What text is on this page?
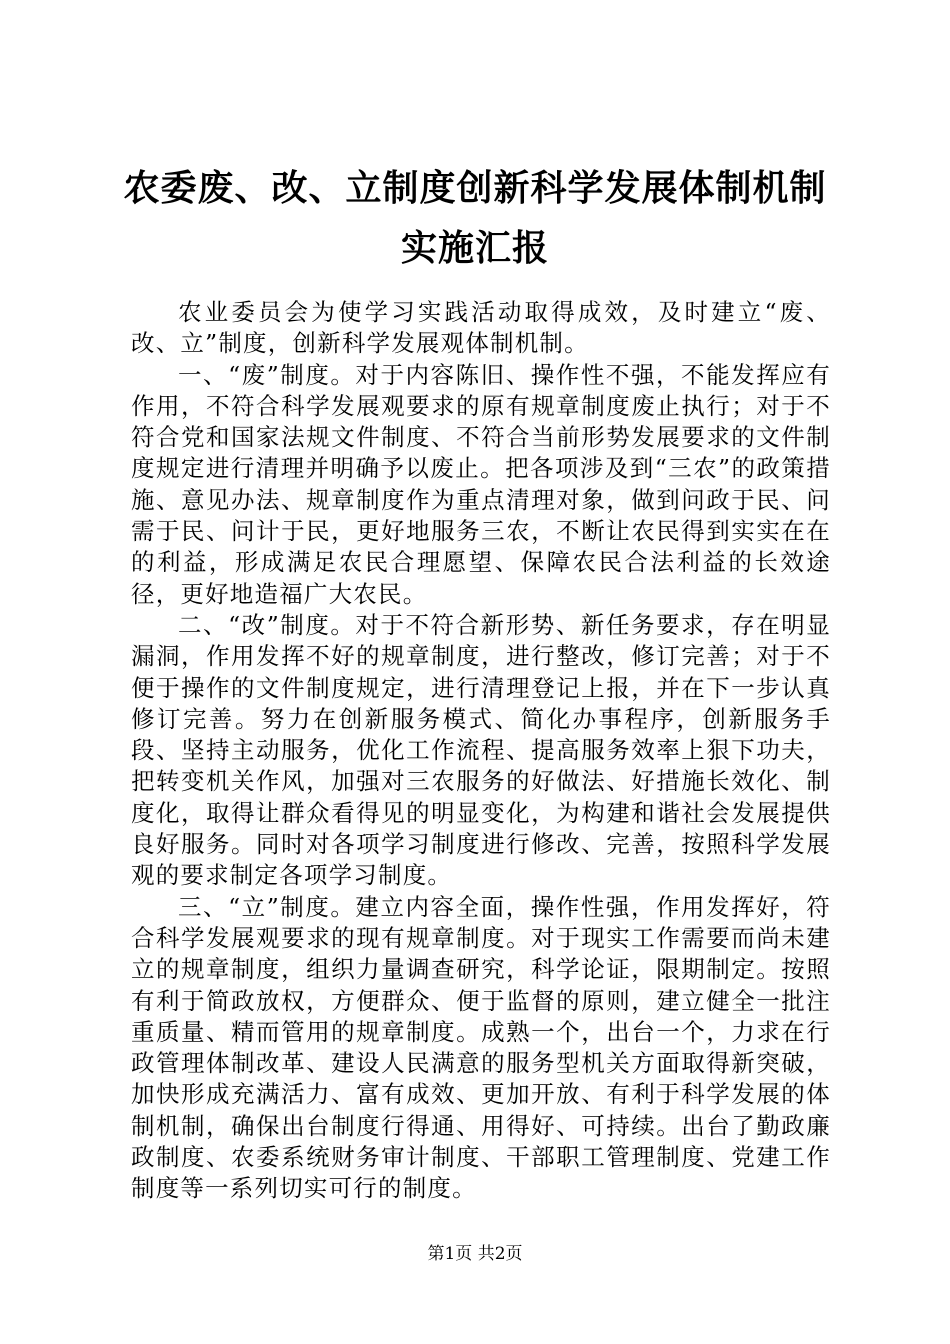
农委废、改、立制度创新科学发展体制机制实施汇报

农业委员会为使学习实践活动取得成效，及时建立“废、改、立”制度，创新科学发展观体制机制。

一、“废”制度。对于内容陈旧、操作性不强，不能发挥应有作用，不符合科学发展观要求的原有规章制度废止执行；对于不符合党和国家法规文件制度、不符合当前形势发展要求的文件制度规定进行清理并明确予以废止。把各项涉及到“三农”的政策措施、意见办法、规章制度作为重点清理对象，做到问政于民、问需于民、问计于民，更好地服务三农，不断让农民得到实实在在的利益，形成满足农民合理愿望、保障农民合法利益的长效途径，更好地造福广大农民。

二、“改”制度。对于不符合新形势、新任务要求，存在明显漏洞，作用发挥不好的规章制度，进行整改，修订完善；对于不便于操作的文件制度规定，进行清理登记上报，并在下一步认真修订完善。努力在创新服务模式、简化办事程序，创新服务手段、坚持主动服务，优化工作流程、提高服务效率上狠下功夫，把转变机关作风，加强对三农服务的好做法、好措施长效化、制度化，取得让群众看得见的明显变化，为构建和谐社会发展提供良好服务。同时对各项学习制度进行修改、完善，按照科学发展观的要求制定各项学习制度。

三、“立”制度。建立内容全面，操作性强，作用发挥好，符合科学发展观要求的现有规章制度。对于现实工作需要而尚未建立的规章制度，组织力量调查研究，科学论证，限期制定。按照有利于简政放权，方便群众、便于监督的原则，建立健全一批注重质量、精而管用的规章制度。成熟一个，出台一个，力求在行政管理体制改革、建设人民满意的服务型机关方面取得新突破，加快形成充满活力、富有成效、更加开放、有利于科学发展的体制机制，确保出台制度行得通、用得好、可持续。出台了勤政廉政制度、农委系统财务审计制度、干部职工管理制度、党建工作制度等一系列切实可行的制度。

第1页 共2页
